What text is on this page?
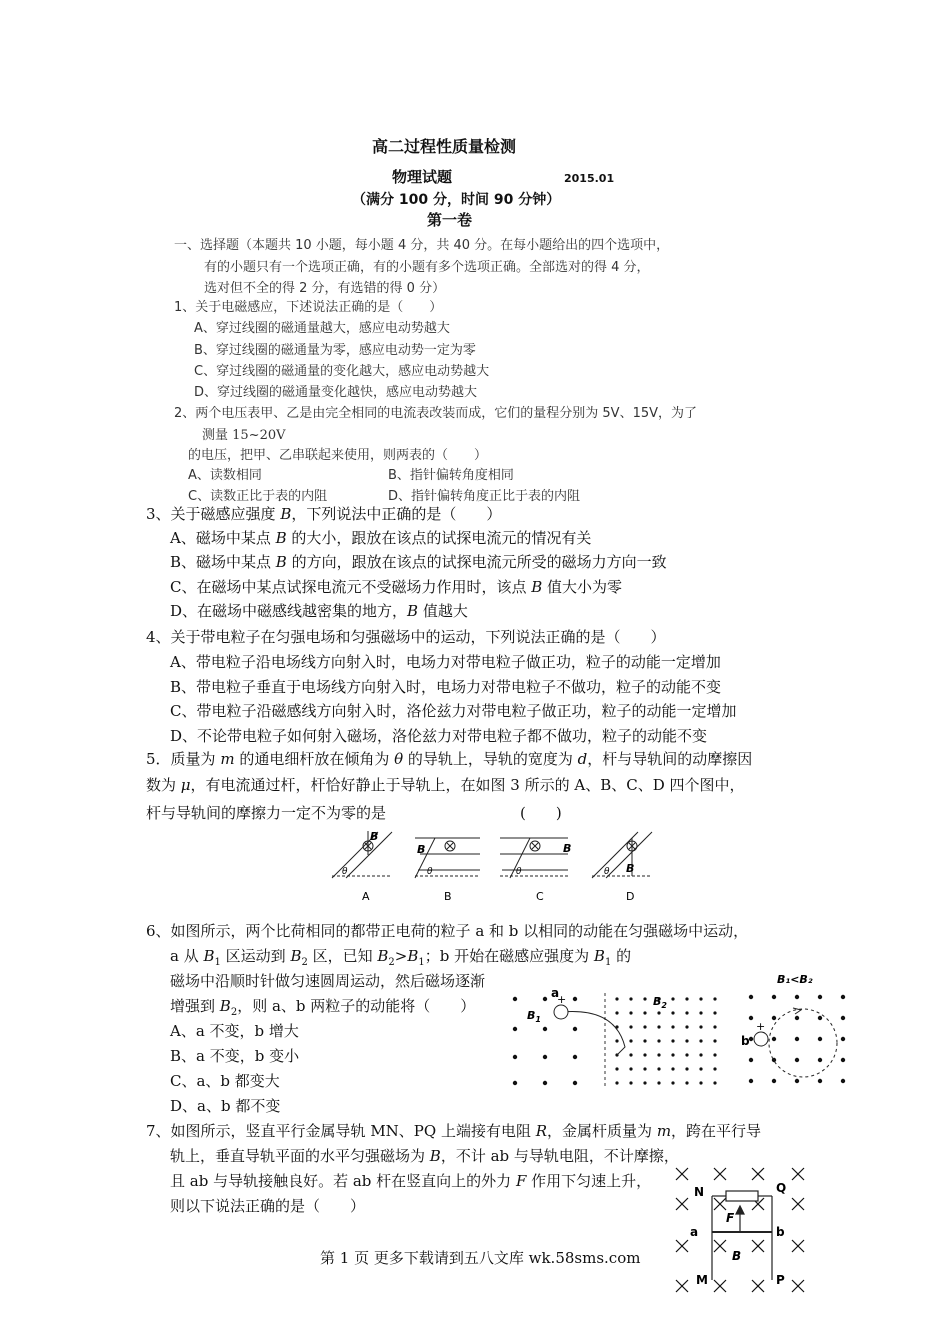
高二过程性质量检测
物理试题	2015.01
（满分 100 分，时间 90 分钟）
第一卷
一、选择题（本题共 10 小题，每小题 4 分，共 40 分。在每小题给出的四个选项中，
有的小题只有一个选项正确，有的小题有多个选项正确。全部选对的得 4 分，
选对但不全的得 2 分，有选错的得 0 分）
1、关于电磁感应，下述说法正确的是（　　）
A、穿过线圈的磁通量越大，感应电动势越大
B、穿过线圈的磁通量为零，感应电动势一定为零
C、穿过线圈的磁通量的变化越大，感应电动势越大
D、穿过线圈的磁通量变化越快，感应电动势越大
2、两个电压表甲、乙是由完全相同的电流表改装而成，它们的量程分别为 5V、15V，为了
测量 15~20V
的电压，把甲、乙串联起来使用，则两表的（　　）
A、读数相同	B、指针偏转角度相同
C、读数正比于表的内阻	D、指针偏转角度正比于表的内阻
3、关于磁感应强度 B，下列说法中正确的是（　　）
A、磁场中某点 B 的大小，跟放在该点的试探电流元的情况有关
B、磁场中某点 B 的方向，跟放在该点的试探电流元所受的磁场力方向一致
C、在磁场中某点试探电流元不受磁场力作用时，该点 B 值大小为零
D、在磁场中磁感线越密集的地方，B 值越大
4、关于带电粒子在匀强电场和匀强磁场中的运动，下列说法正确的是（　　）
A、带电粒子沿电场线方向射入时，电场力对带电粒子做正功，粒子的动能一定增加
B、带电粒子垂直于电场线方向射入时，电场力对带电粒子不做功，粒子的动能不变
C、带电粒子沿磁感线方向射入时，洛伦兹力对带电粒子做正功，粒子的动能一定增加
D、不论带电粒子如何射入磁场，洛伦兹力对带电粒子都不做功，粒子的动能不变
5．质量为 m 的通电细杆放在倾角为 θ 的导轨上，导轨的宽度为 d，杆与导轨间的动摩擦因
数为 μ，有电流通过杆，杆恰好静止于导轨上，在如图 3 所示的 A、B、C、D 四个图中，
杆与导轨间的摩擦力一定不为零的是	(　　)
B
B	B
B
θ	θ	θ	θ
A	B	C	D
6、如图所示，两个比荷相同的都带正电荷的粒子 a 和 b 以相同的动能在匀强磁场中运动，
a 从 $B_1$ 区运动到 $B_2$ 区，已知 $B_2>B_1$；b 开始在磁感应强度为 $B_1$ 的
磁场中沿顺时针做匀速圆周运动，然后磁场逐渐
增强到 $B_2$，则 a、b 两粒子的动能将（　　）
A、a 不变，b 增大
B、a 不变，b 变小
C、a、b 都变大
D、a、b 都不变
+
+
a
b
$B_1$
$B_2$
B₁<B₂
7、如图所示，竖直平行金属导轨 MN、PQ 上端接有电阻 R，金属杆质量为 m，跨在平行导
轨上，垂直导轨平面的水平匀强磁场为 B，不计 ab 与导轨电阻，不计摩擦，
且 ab 与导轨接触良好。若 ab 杆在竖直向上的外力 F 作用下匀速上升，
则以下说法正确的是（　　）
N	Q
a	b
M	P
F
B
第 1 页 更多下载请到五八文库 wk.58sms.com
